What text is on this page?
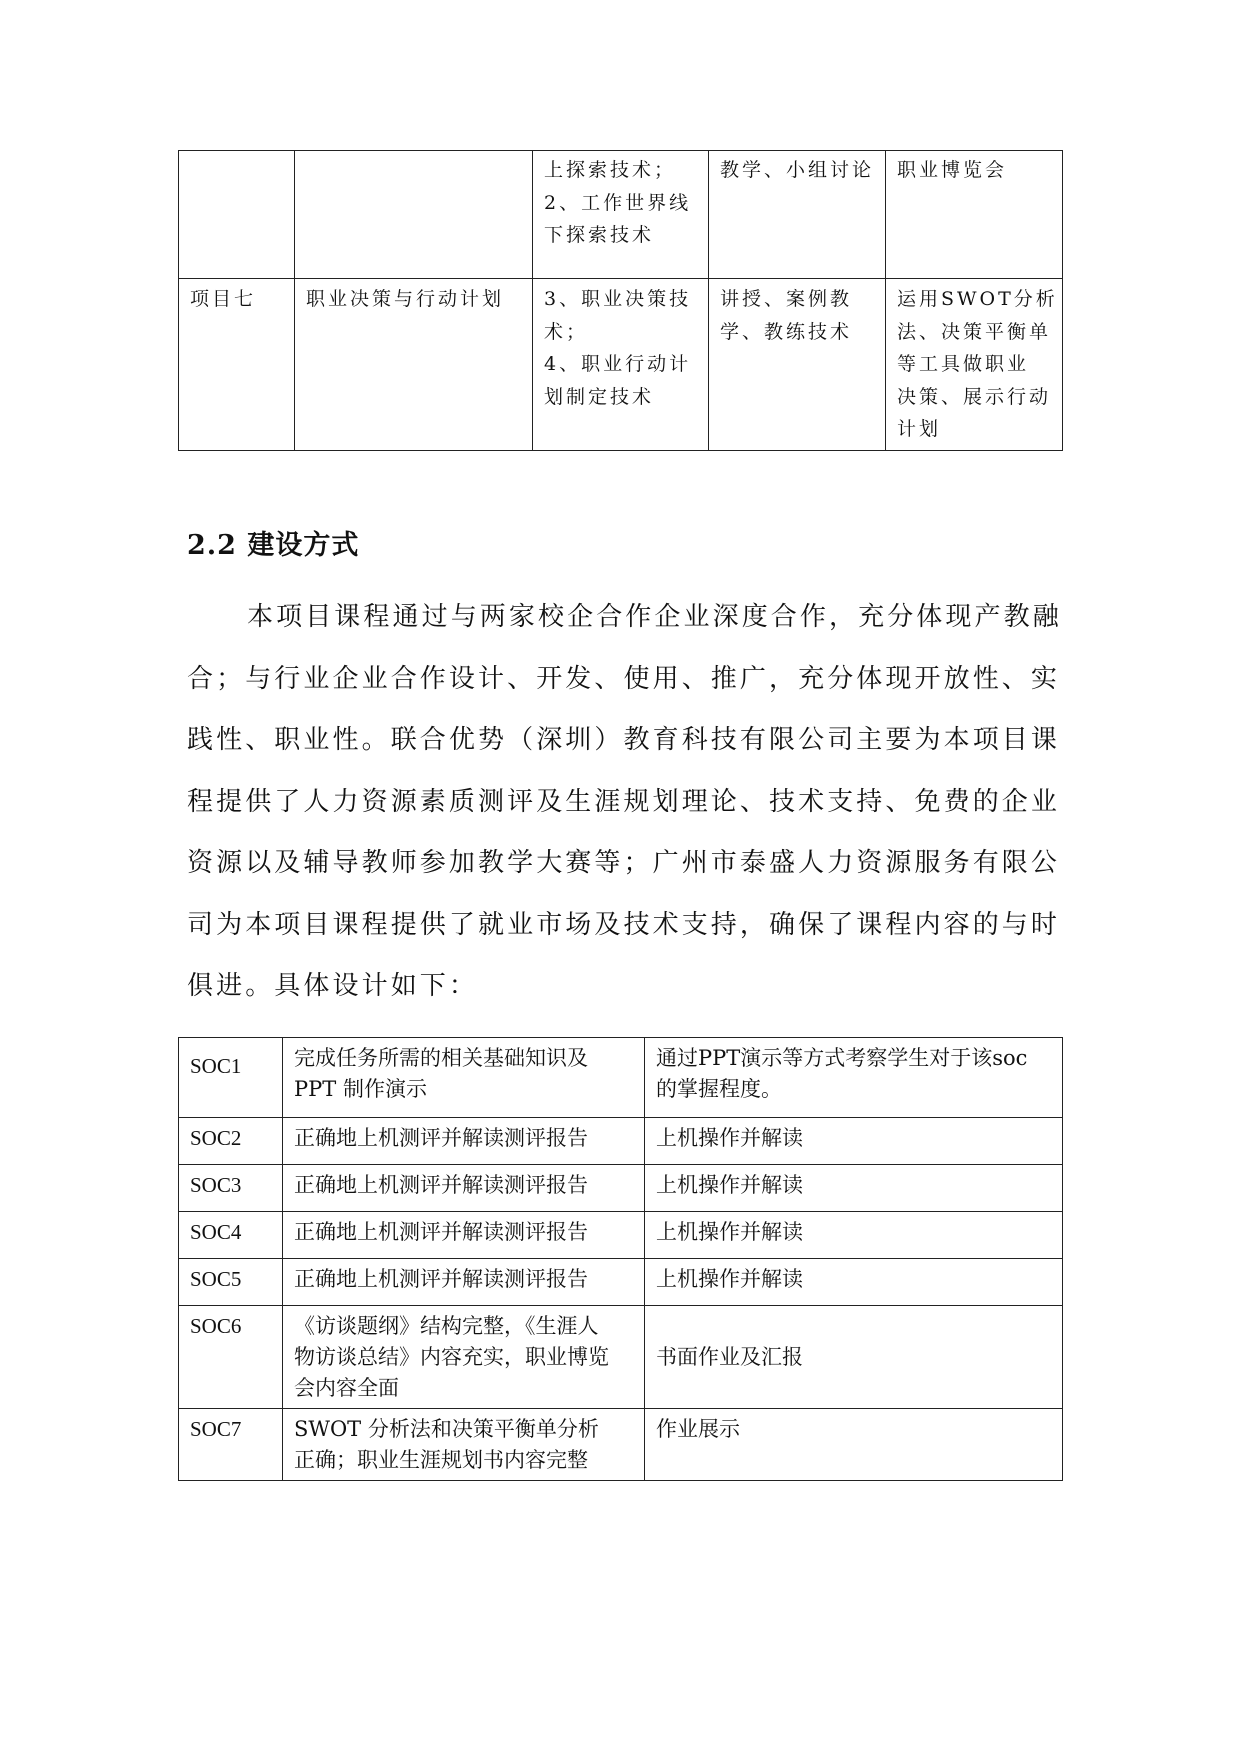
		上探索技术；
2、工作世界线
下探索技术	教学、小组讨论	职业博览会

项目七	职业决策与行动计划	3、职业决策技
术；
4、职业行动计
划制定技术	讲授、案例教
学、教练技术	运用SWOT分析
法、决策平衡单
等工具做职业
决策、展示行动
计划
2.2 建设方式

本项目课程通过与两家校企合作企业深度合作，充分体现产教融
合；与行业企业合作设计、开发、使用、推广，充分体现开放性、实
践性、职业性。联合优势（深圳）教育科技有限公司主要为本项目课
程提供了人力资源素质测评及生涯规划理论、技术支持、免费的企业
资源以及辅导教师参加教学大赛等；广州市泰盛人力资源服务有限公
司为本项目课程提供了就业市场及技术支持，确保了课程内容的与时
俱进。具体设计如下：

SOC1	完成任务所需的相关基础知识及
PPT 制作演示	通过PPT演示等方式考察学生对于该soc
的掌握程度。

SOC2	正确地上机测评并解读测评报告	上机操作并解读
SOC3	正确地上机测评并解读测评报告	上机操作并解读
SOC4	正确地上机测评并解读测评报告	上机操作并解读
SOC5	正确地上机测评并解读测评报告	上机操作并解读
SOC6	《访谈题纲》结构完整，《生涯人
物访谈总结》内容充实，职业博览
会内容全面	书面作业及汇报
SOC7	SWOT 分析法和决策平衡单分析
正确；职业生涯规划书内容完整	作业展示
